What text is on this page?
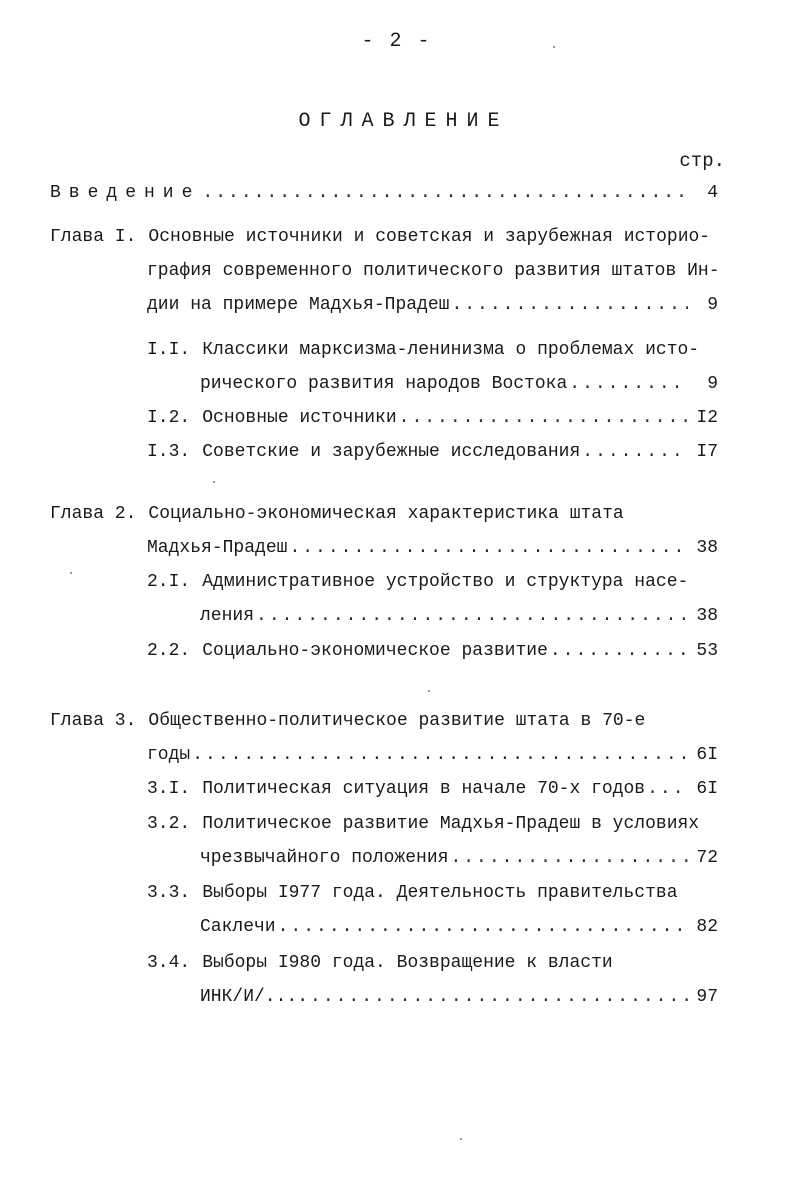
- 2 -
ОГЛАВЛЕНИЕ
стр.
Введение .....	4
Глава I. Основные источники и советская и зарубежная историо-
графия современного политического развития штатов Ин-
дии на примере Мадхья-Прадеш .....	9
I.I. Классики марксизма-ленинизма о проблемах исто-
рического развития народов Востока .....	9
I.2. Основные источники .....	I2
I.3. Советские и зарубежные исследования .....	I7
Глава 2. Социально-экономическая характеристика штата
Мадхья-Прадеш .....	38
2.I. Административное устройство и структура насе-
ления .....	38
2.2. Социально-экономическое развитие .....	53
Глава 3. Общественно-политическое развитие штата в 70-е
годы .....	6I
3.I. Политическая ситуация в начале 70-х годов .....	6I
3.2. Политическое развитие Мадхья-Прадеш в условиях
чрезвычайного положения .....	72
3.3. Выборы I977 года. Деятельность правительства
Саклечи .....	82
3.4. Выборы I980 года. Возвращение к власти
ИНК/И/.... .....	97
